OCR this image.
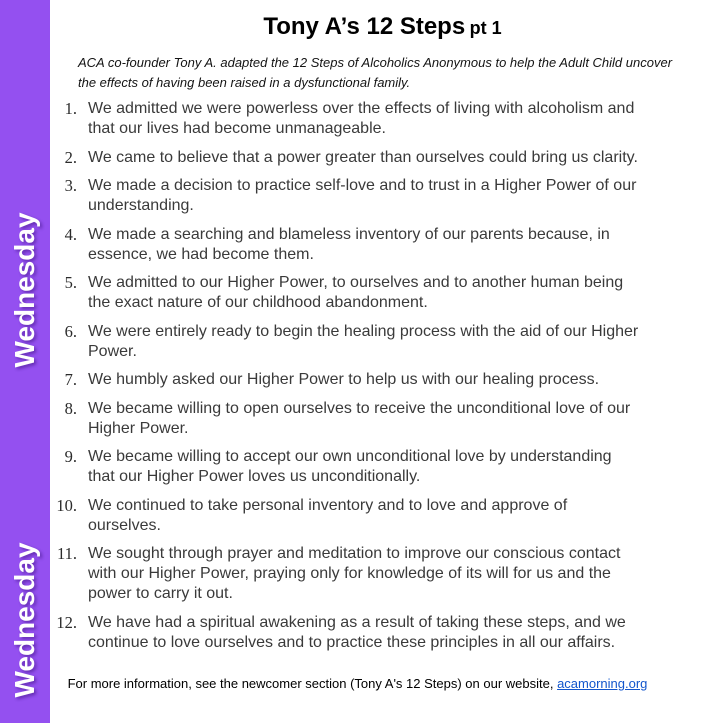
Wednesday
Wednesday
Tony A’s 12 Steps pt 1
ACA co-founder Tony A. adapted the 12 Steps of Alcoholics Anonymous to help the Adult Child uncover
the effects of having been raised in a dysfunctional family.
1. We admitted we were powerless over the effects of living with alcoholism and
that our lives had become unmanageable.
2. We came to believe that a power greater than ourselves could bring us clarity.
3. We made a decision to practice self-love and to trust in a Higher Power of our
understanding.
4. We made a searching and blameless inventory of our parents because, in
essence, we had become them.
5. We admitted to our Higher Power, to ourselves and to another human being
the exact nature of our childhood abandonment.
6. We were entirely ready to begin the healing process with the aid of our Higher
Power.
7. We humbly asked our Higher Power to help us with our healing process.
8. We became willing to open ourselves to receive the unconditional love of our
Higher Power.
9. We became willing to accept our own unconditional love by understanding
that our Higher Power loves us unconditionally.
10. We continued to take personal inventory and to love and approve of
ourselves.
11. We sought through prayer and meditation to improve our conscious contact
with our Higher Power, praying only for knowledge of its will for us and the
power to carry it out.
12. We have had a spiritual awakening as a result of taking these steps, and we
continue to love ourselves and to practice these principles in all our affairs.
For more information, see the newcomer section (Tony A's 12 Steps) on our website, acamorning.org
